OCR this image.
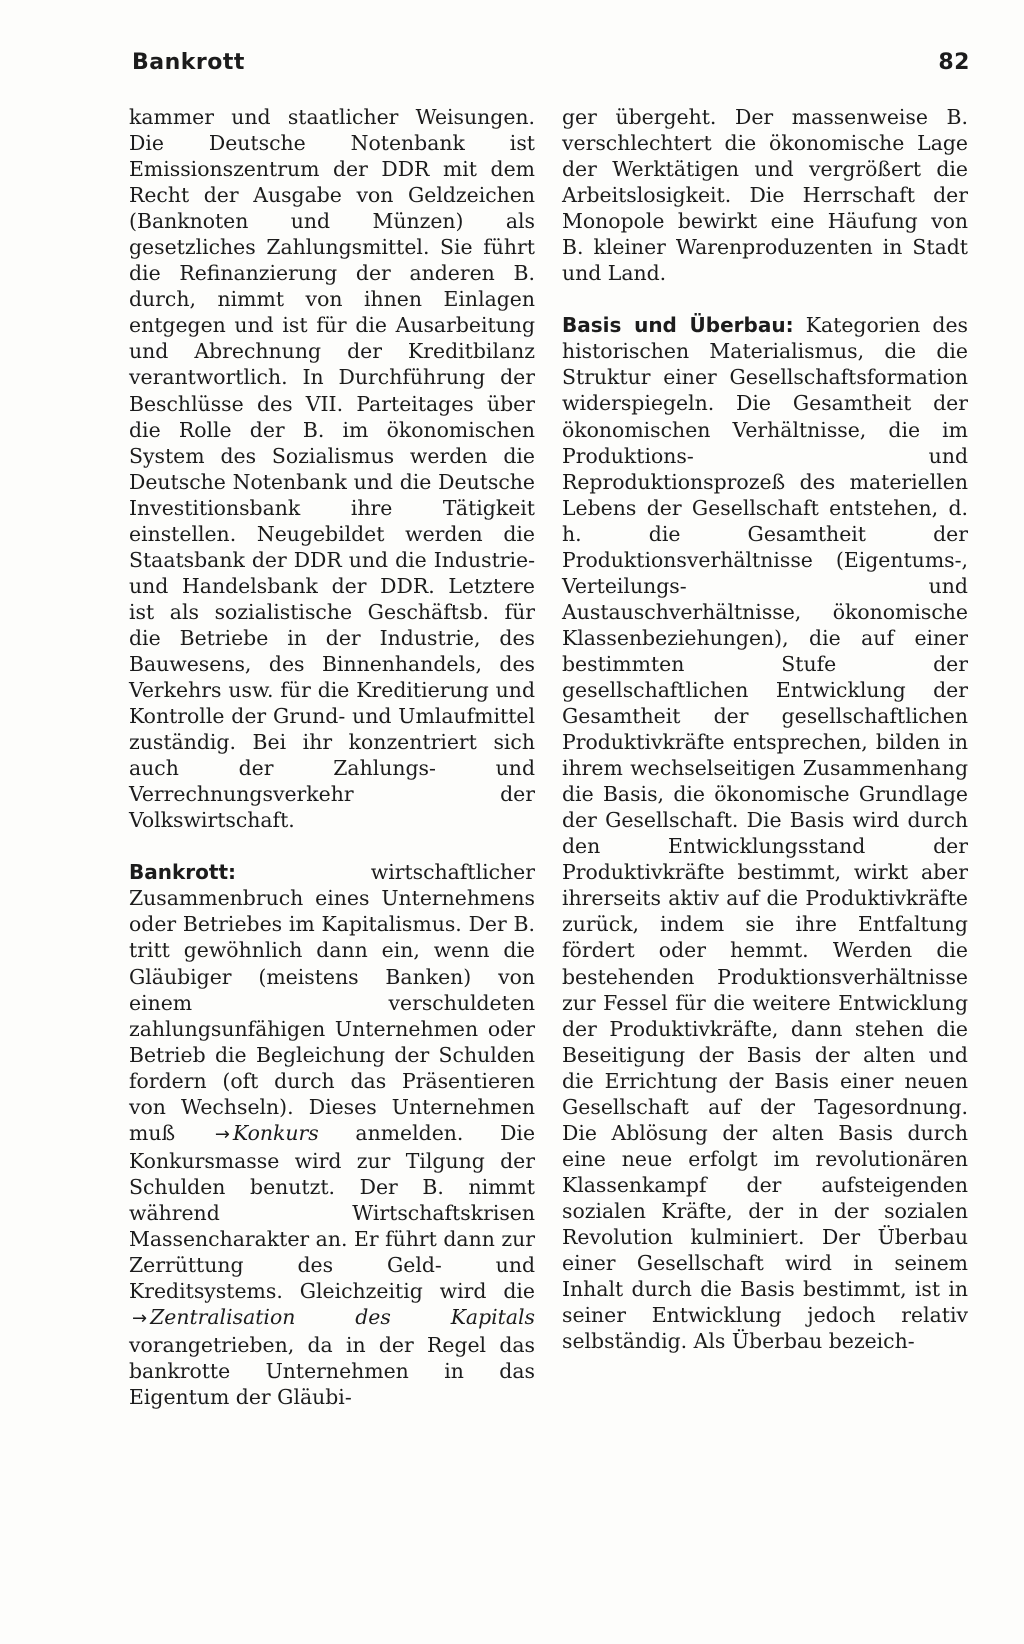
Bankrott	82

kammer und staatlicher Weisungen. Die Deutsche Notenbank ist Emissionszentrum der DDR mit dem Recht der Ausgabe von Geldzeichen (Banknoten und Münzen) als gesetzliches Zahlungsmittel. Sie führt die Refinanzierung der anderen B. durch, nimmt von ihnen Einlagen entgegen und ist für die Ausarbeitung und Abrechnung der Kreditbilanz verantwortlich. In Durchführung der Beschlüsse des VII. Parteitages über die Rolle der B. im ökonomischen System des Sozialismus werden die Deutsche Notenbank und die Deutsche Investitionsbank ihre Tätigkeit einstellen. Neugebildet werden die Staatsbank der DDR und die Industrie- und Handelsbank der DDR. Letztere ist als sozialistische Geschäftsb. für die Betriebe in der Industrie, des Bauwesens, des Binnenhandels, des Verkehrs usw. für die Kreditierung und Kontrolle der Grund- und Umlaufmittel zuständig. Bei ihr konzentriert sich auch der Zahlungs- und Verrechnungsverkehr der Volkswirtschaft.

Bankrott:	wirtschaftlicher Zusammenbruch eines Unternehmens oder Betriebes im Kapitalismus. Der B. tritt gewöhnlich dann ein, wenn die Gläubiger (meistens Banken) von einem verschuldeten zahlungsunfähigen Unternehmen oder Betrieb die Begleichung der Schulden fordern (oft durch das Präsentieren von Wechseln). Dieses Unternehmen muß → Konkurs anmelden. Die Konkursmasse wird zur Tilgung der Schulden benutzt. Der B. nimmt während Wirtschaftskrisen Massencharakter an. Er führt dann zur Zerrüttung des Geld- und Kreditsystems. Gleichzeitig wird die → Zentralisation des Kapitals vorangetrieben, da in der Regel das bankrotte Unternehmen in das Eigentum der Gläubi-

ger übergeht. Der massenweise B. verschlechtert die ökonomische Lage der Werktätigen und vergrößert die Arbeitslosigkeit. Die Herrschaft der Monopole bewirkt eine Häufung von B. kleiner Warenproduzenten in Stadt und Land.

Basis und Überbau: Kategorien des historischen Materialismus, die die Struktur einer Gesellschaftsformation widerspiegeln. Die Gesamtheit der ökonomischen Verhältnisse, die im Produktions- und Reproduktionsprozeß des materiellen Lebens der Gesellschaft entstehen, d. h. die Gesamtheit der Produktionsverhältnisse (Eigentums-, Verteilungs- und Austauschverhältnisse, ökonomische Klassenbeziehungen), die auf einer bestimmten Stufe der gesellschaftlichen Entwicklung der Gesamtheit der gesellschaftlichen Produktivkräfte entsprechen, bilden in ihrem wechselseitigen Zusammenhang die Basis, die ökonomische Grundlage der Gesellschaft. Die Basis wird durch den Entwicklungsstand der Produktivkräfte bestimmt, wirkt aber ihrerseits aktiv auf die Produktivkräfte zurück, indem sie ihre Entfaltung fördert oder hemmt. Werden die bestehenden Produktionsverhältnisse zur Fessel für die weitere Entwicklung der Produktivkräfte, dann stehen die Beseitigung der Basis der alten und die Errichtung der Basis einer neuen Gesellschaft auf der Tagesordnung. Die Ablösung der alten Basis durch eine neue erfolgt im revolutionären Klassenkampf der aufsteigenden sozialen Kräfte, der in der sozialen Revolution kulminiert. Der Überbau einer Gesellschaft wird in seinem Inhalt durch die Basis bestimmt, ist in seiner Entwicklung jedoch relativ selbständig. Als Überbau bezeich-
